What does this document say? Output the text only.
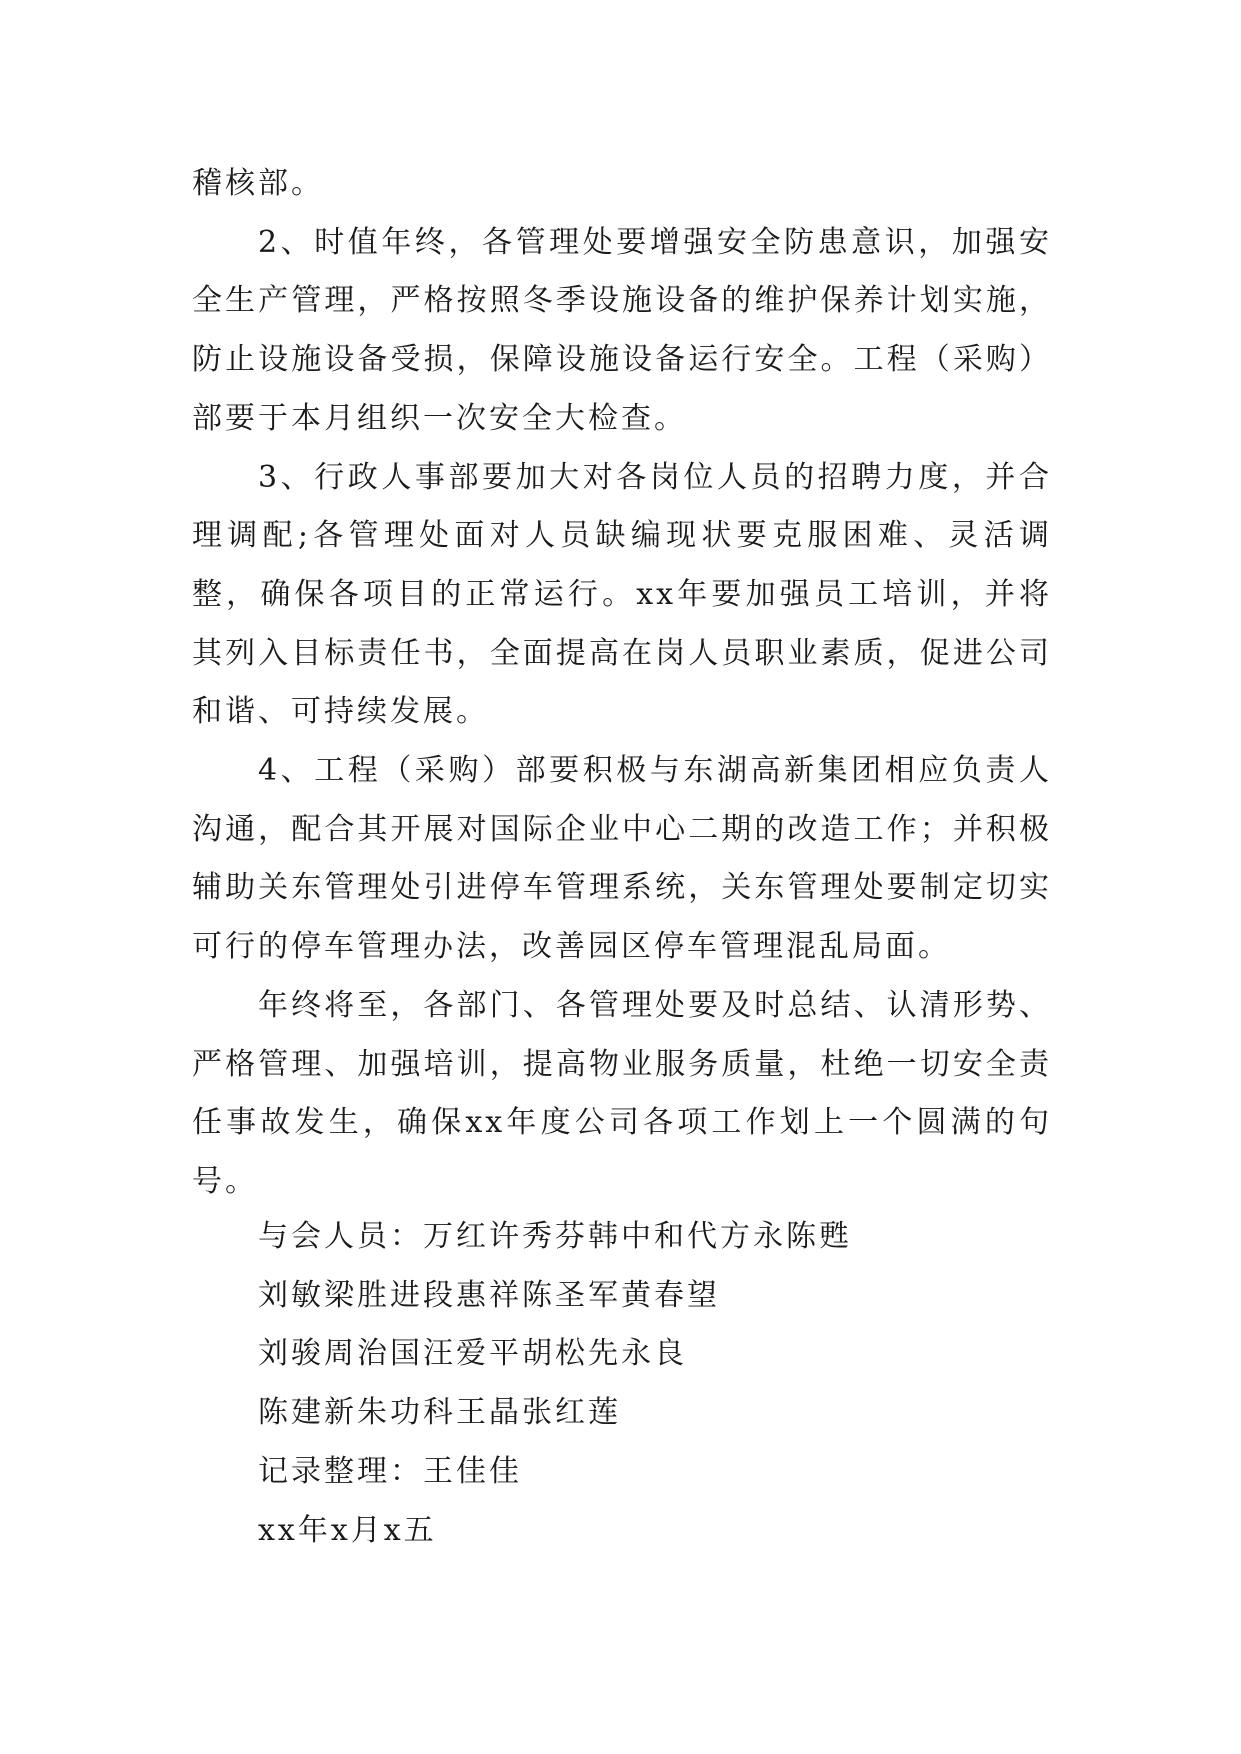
稽核部。

2、时值年终，各管理处要增强安全防患意识，加强安全生产管理，严格按照冬季设施设备的维护保养计划实施，防止设施设备受损，保障设施设备运行安全。工程（采购）部要于本月组织一次安全大检查。

3、行政人事部要加大对各岗位人员的招聘力度，并合理调配;各管理处面对人员缺编现状要克服困难、灵活调整，确保各项目的正常运行。xx年要加强员工培训，并将其列入目标责任书，全面提高在岗人员职业素质，促进公司和谐、可持续发展。

4、工程（采购）部要积极与东湖高新集团相应负责人沟通，配合其开展对国际企业中心二期的改造工作；并积极辅助关东管理处引进停车管理系统，关东管理处要制定切实可行的停车管理办法，改善园区停车管理混乱局面。

年终将至，各部门、各管理处要及时总结、认清形势、严格管理、加强培训，提高物业服务质量，杜绝一切安全责任事故发生，确保xx年度公司各项工作划上一个圆满的句号。

与会人员：万红许秀芬韩中和代方永陈甦

刘敏梁胜进段惠祥陈圣军黄春望

刘骏周治国汪爱平胡松先永良

陈建新朱功科王晶张红莲

记录整理：王佳佳

xx年x月x五
